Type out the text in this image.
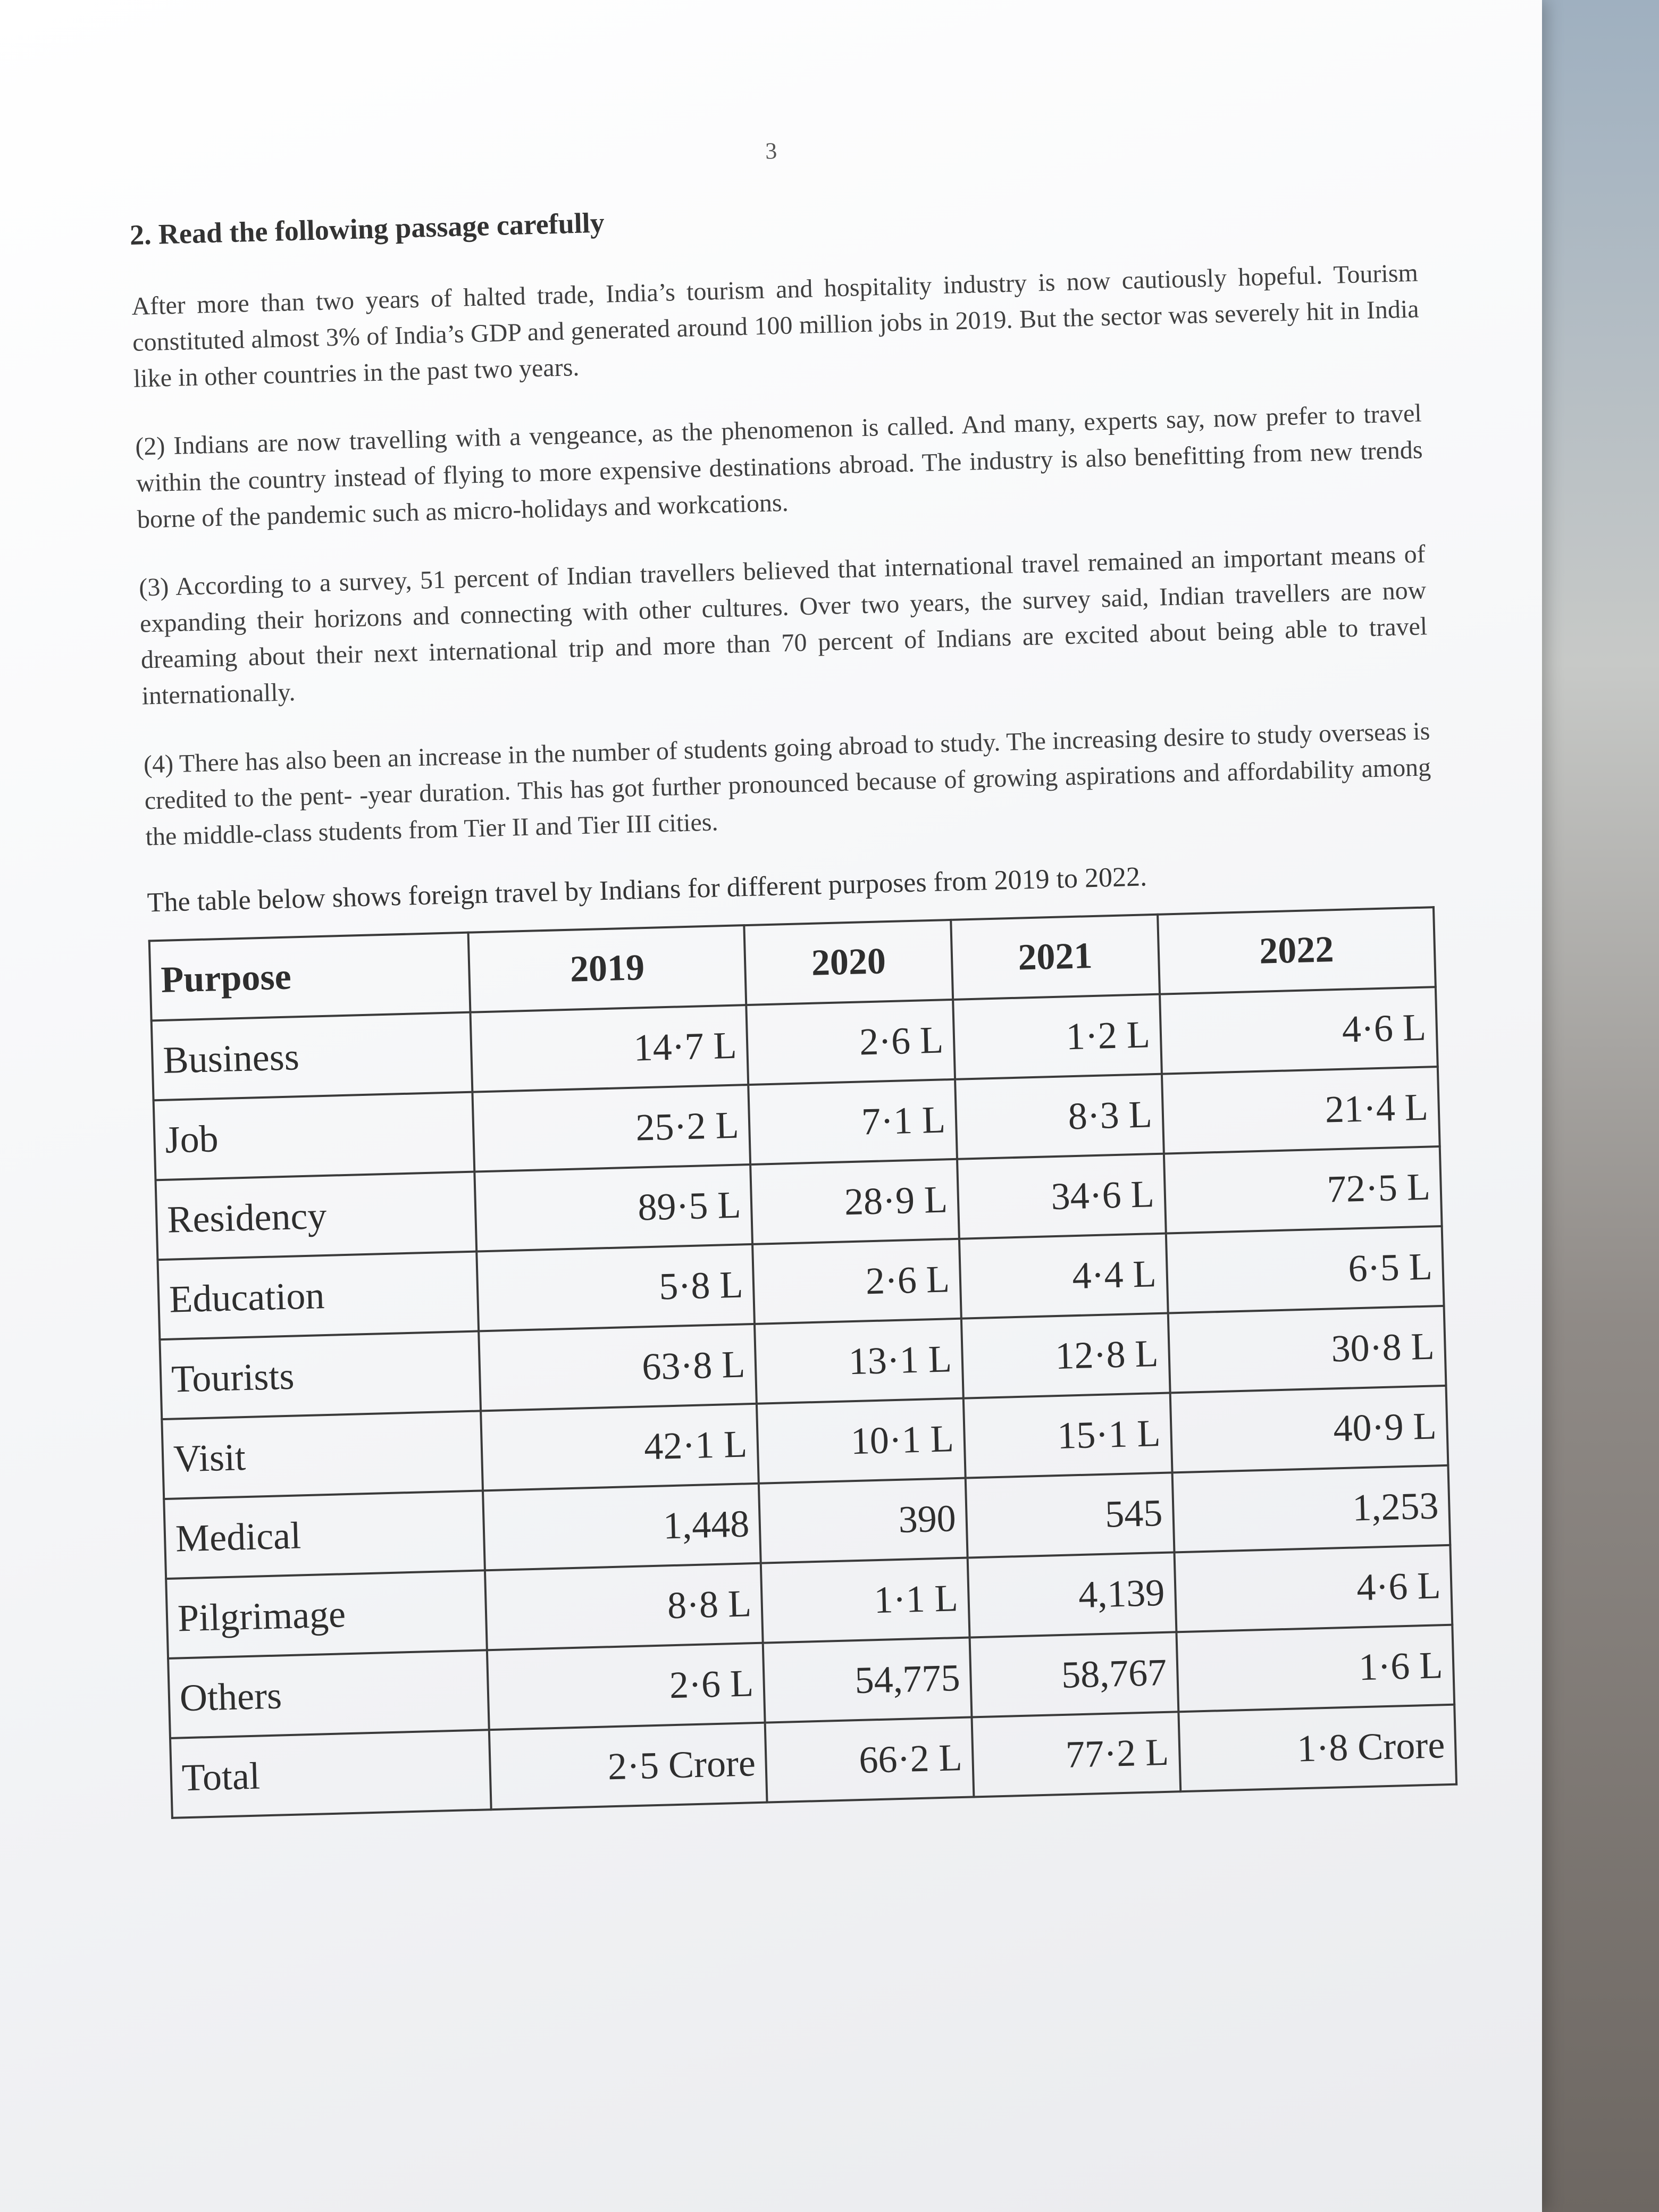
3
2. Read the following passage carefully

After more than two years of halted trade, India’s tourism and hospitality industry is now cautiously hopeful. Tourism constituted almost 3% of India’s GDP and generated around 100 million jobs in 2019. But the sector was severely hit in India like in other countries in the past two years.

(2) Indians are now travelling with a vengeance, as the phenomenon is called. And many, experts say, now prefer to travel within the country instead of flying to more expensive destinations abroad. The industry is also benefitting from new trends borne of the pandemic such as micro-holidays and workcations.

(3) According to a survey, 51 percent of Indian travellers believed that international travel remained an important means of expanding their horizons and connecting with other cultures. Over two years, the survey said, Indian travellers are now dreaming about their next international trip and more than 70 percent of Indians are excited about being able to travel internationally.

(4) There has also been an increase in the number of students going abroad to study. The increasing desire to study overseas is credited to the pent- -year duration. This has got further pronounced because of growing aspirations and affordability among the middle-class students from Tier II and Tier III cities.

The table below shows foreign travel by Indians for different purposes from 2019 to 2022.
Purpose	2019	2020	2021	2022
Business	14·7 L	2·6 L	1·2 L	4·6 L
Job	25·2 L	7·1 L	8·3 L	21·4 L
Residency	89·5 L	28·9 L	34·6 L	72·5 L
Education	5·8 L	2·6 L	4·4 L	6·5 L
Tourists	63·8 L	13·1 L	12·8 L	30·8 L
Visit	42·1 L	10·1 L	15·1 L	40·9 L
Medical	1,448	390	545	1,253
Pilgrimage	8·8 L	1·1 L	4,139	4·6 L
Others	2·6 L	54,775	58,767	1·6 L
Total	2·5 Crore	66·2 L	77·2 L	1·8 Crore
